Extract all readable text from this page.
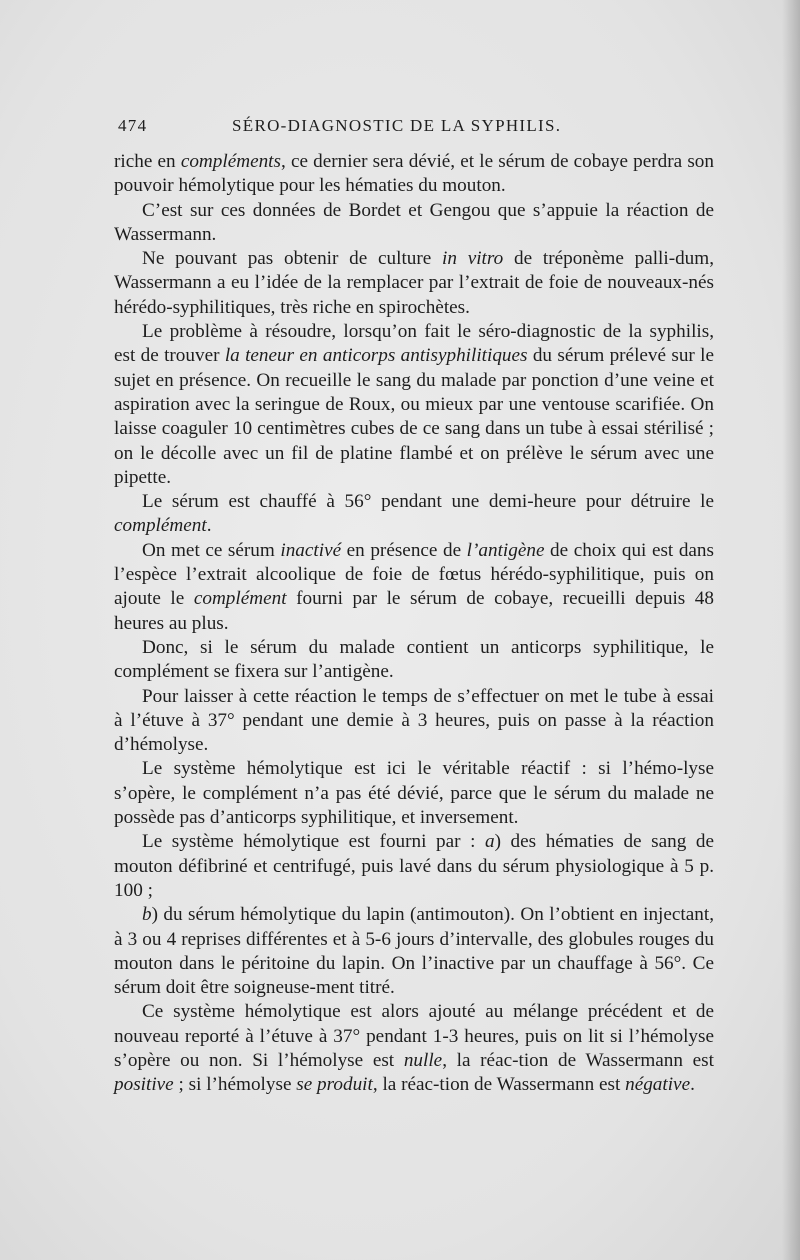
474	SÉRO-DIAGNOSTIC DE LA SYPHILIS.

riche en compléments, ce dernier sera dévié, et le sérum de cobaye perdra son pouvoir hémolytique pour les hématies du mouton.

C’est sur ces données de Bordet et Gengou que s’appuie la réaction de Wassermann.

Ne pouvant pas obtenir de culture in vitro de tréponème palli-dum, Wassermann a eu l’idée de la remplacer par l’extrait de foie de nouveaux-nés hérédo-syphilitiques, très riche en spirochètes.

Le problème à résoudre, lorsqu’on fait le séro-diagnostic de la syphilis, est de trouver la teneur en anticorps antisyphilitiques du sérum prélevé sur le sujet en présence. On recueille le sang du malade par ponction d’une veine et aspiration avec la seringue de Roux, ou mieux par une ventouse scarifiée. On laisse coaguler 10 centimètres cubes de ce sang dans un tube à essai stérilisé ; on le décolle avec un fil de platine flambé et on prélève le sérum avec une pipette.

Le sérum est chauffé à 56° pendant une demi-heure pour détruire le complément.

On met ce sérum inactivé en présence de l’antigène de choix qui est dans l’espèce l’extrait alcoolique de foie de fœtus hérédo-syphilitique, puis on ajoute le complément fourni par le sérum de cobaye, recueilli depuis 48 heures au plus.

Donc, si le sérum du malade contient un anticorps syphilitique, le complément se fixera sur l’antigène.

Pour laisser à cette réaction le temps de s’effectuer on met le tube à essai à l’étuve à 37° pendant une demie à 3 heures, puis on passe à la réaction d’hémolyse.

Le système hémolytique est ici le véritable réactif : si l’hémo-lyse s’opère, le complément n’a pas été dévié, parce que le sérum du malade ne possède pas d’anticorps syphilitique, et inversement.

Le système hémolytique est fourni par : a) des hématies de sang de mouton défibriné et centrifugé, puis lavé dans du sérum physiologique à 5 p. 100 ;

b) du sérum hémolytique du lapin (antimouton). On l’obtient en injectant, à 3 ou 4 reprises différentes et à 5-6 jours d’intervalle, des globules rouges du mouton dans le péritoine du lapin. On l’inactive par un chauffage à 56°. Ce sérum doit être soigneuse-ment titré.

Ce système hémolytique est alors ajouté au mélange précédent et de nouveau reporté à l’étuve à 37° pendant 1-3 heures, puis on lit si l’hémolyse s’opère ou non. Si l’hémolyse est nulle, la réac-tion de Wassermann est positive ; si l’hémolyse se produit, la réac-tion de Wassermann est négative.
